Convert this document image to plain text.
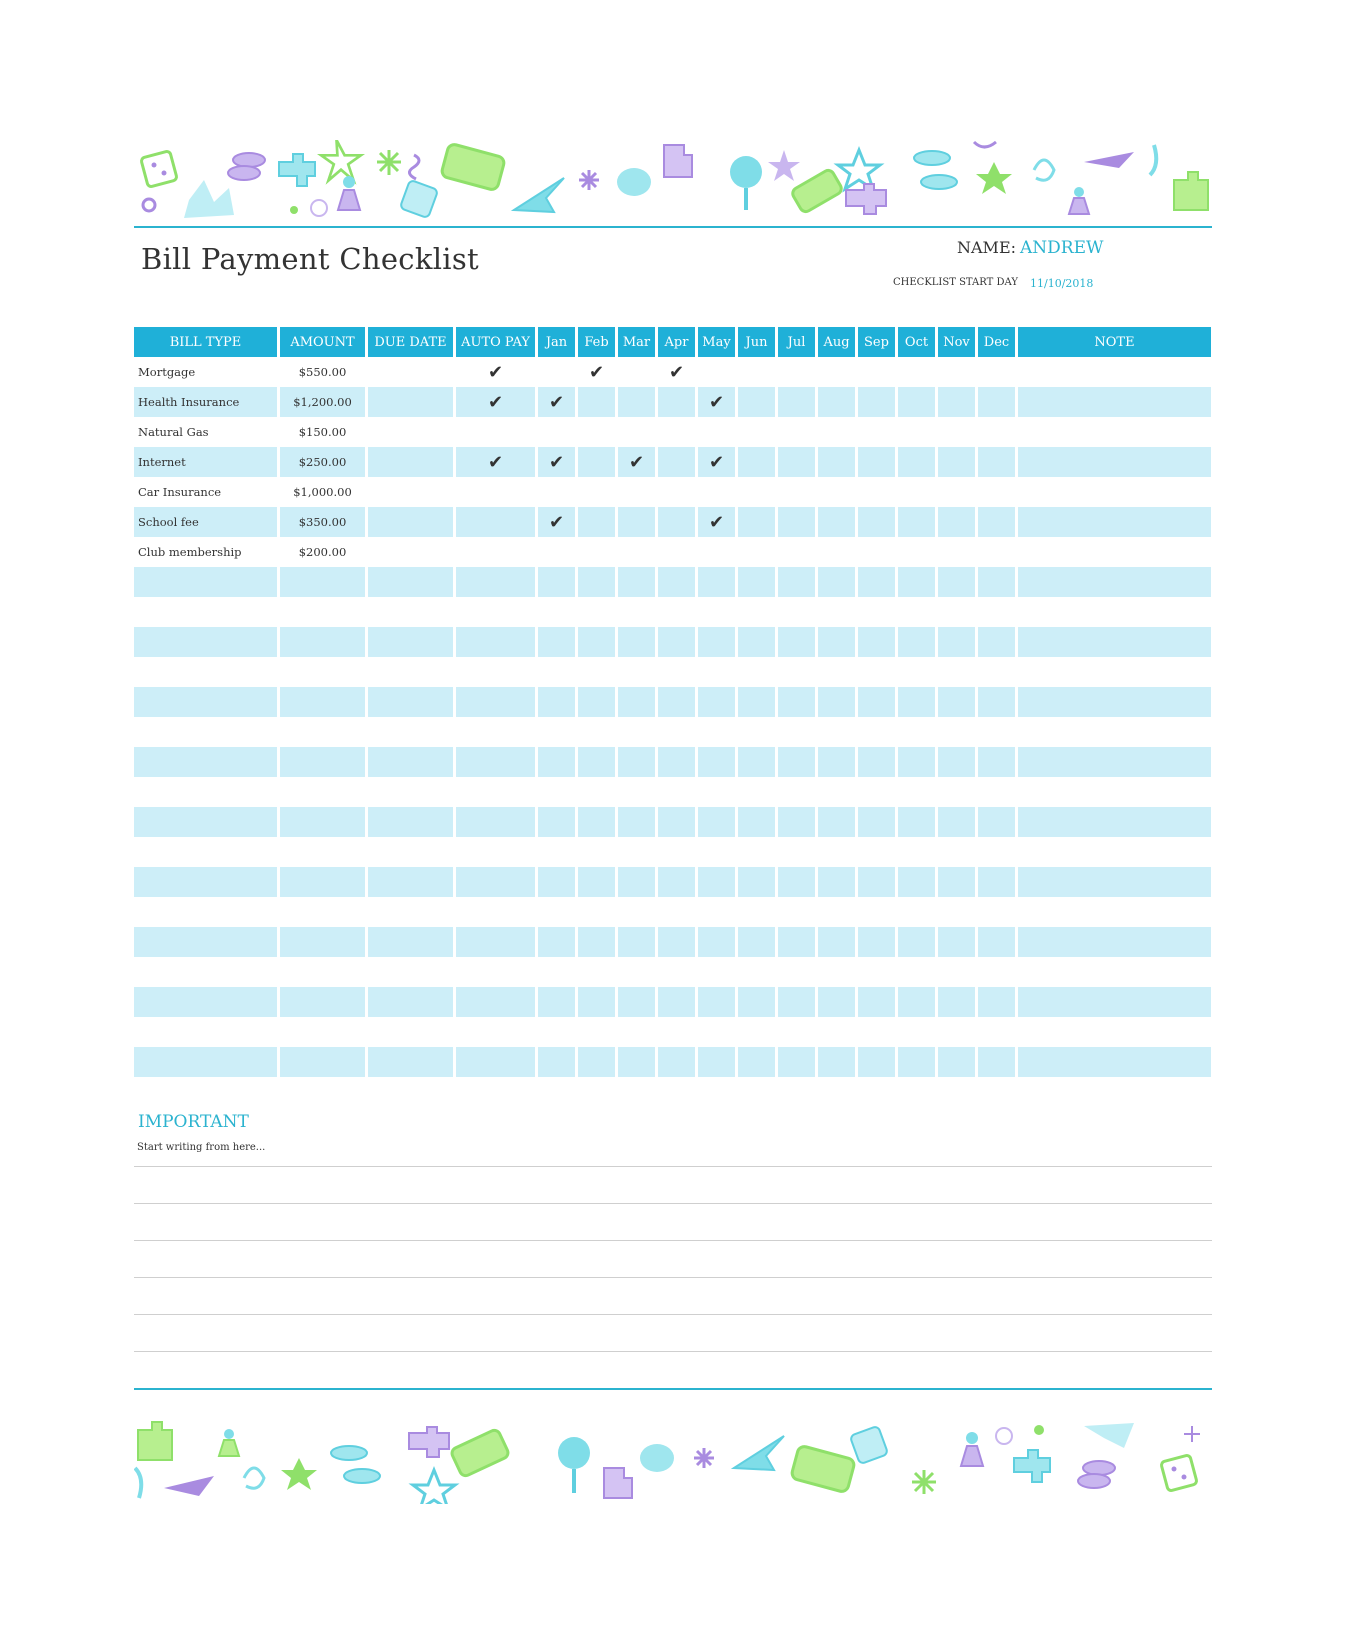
Bill Payment Checklist	NAME: ANDREW
CHECKLIST START DAY 11/10/2018
BILL TYPE	AMOUNT	DUE DATE	AUTO PAY	Jan	Feb	Mar	Apr	May	Jun	Jul	Aug	Sep	Oct	Nov	Dec	NOTE
Mortgage	$550.00		✔		✔		✔									
Health Insurance	$1,200.00		✔	✔				✔								
Natural Gas	$150.00															
Internet	$250.00		✔	✔		✔		✔								
Car Insurance	$1,000.00															
School fee	$350.00			✔				✔								
Club membership	$200.00															

IMPORTANT
Start writing from here...
